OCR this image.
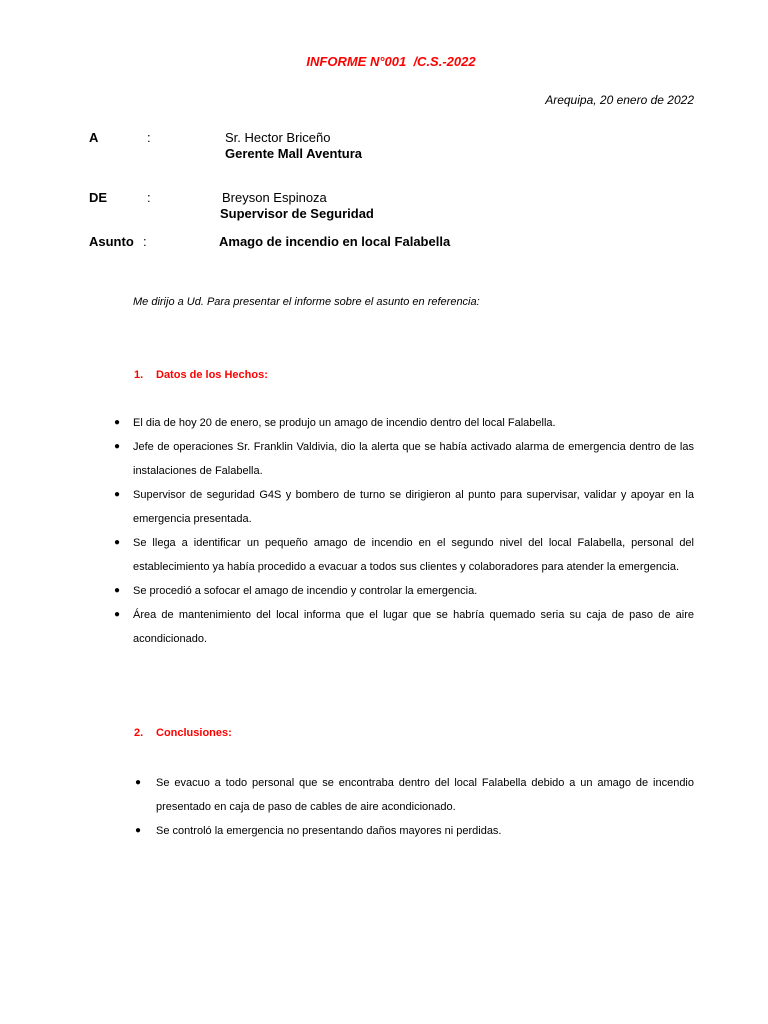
INFORME N°001  /C.S.-2022
Arequipa, 20 enero de 2022
A	:	Sr. Hector Briceño
Gerente Mall Aventura
DE	:	Breyson Espinoza
Supervisor de Seguridad
Asunto :	Amago de incendio en local Falabella
Me dirijo a Ud. Para presentar el informe sobre el asunto en referencia:
1. Datos de los Hechos:
● El dia de hoy 20 de enero, se produjo un amago de incendio dentro del local Falabella.
● Jefe de operaciones Sr. Franklin Valdivia, dio la alerta que se había activado alarma de emergencia dentro de las instalaciones de Falabella.
● Supervisor de seguridad G4S y bombero de turno se dirigieron al punto para supervisar, validar y apoyar en la emergencia presentada.
● Se llega a identificar un pequeño amago de incendio en el segundo nivel del local Falabella, personal del establecimiento ya había procedido a evacuar a todos sus clientes y colaboradores para atender la emergencia.
● Se procedió a sofocar el amago de incendio y controlar la emergencia.
● Área de mantenimiento del local informa que el lugar que se habría quemado seria su caja de paso de aire acondicionado.
2. Conclusiones:
● Se evacuo a todo personal que se encontraba dentro del local Falabella debido a un amago de incendio presentado en caja de paso de cables de aire acondicionado.
● Se controló la emergencia no presentando daños mayores ni perdidas.
